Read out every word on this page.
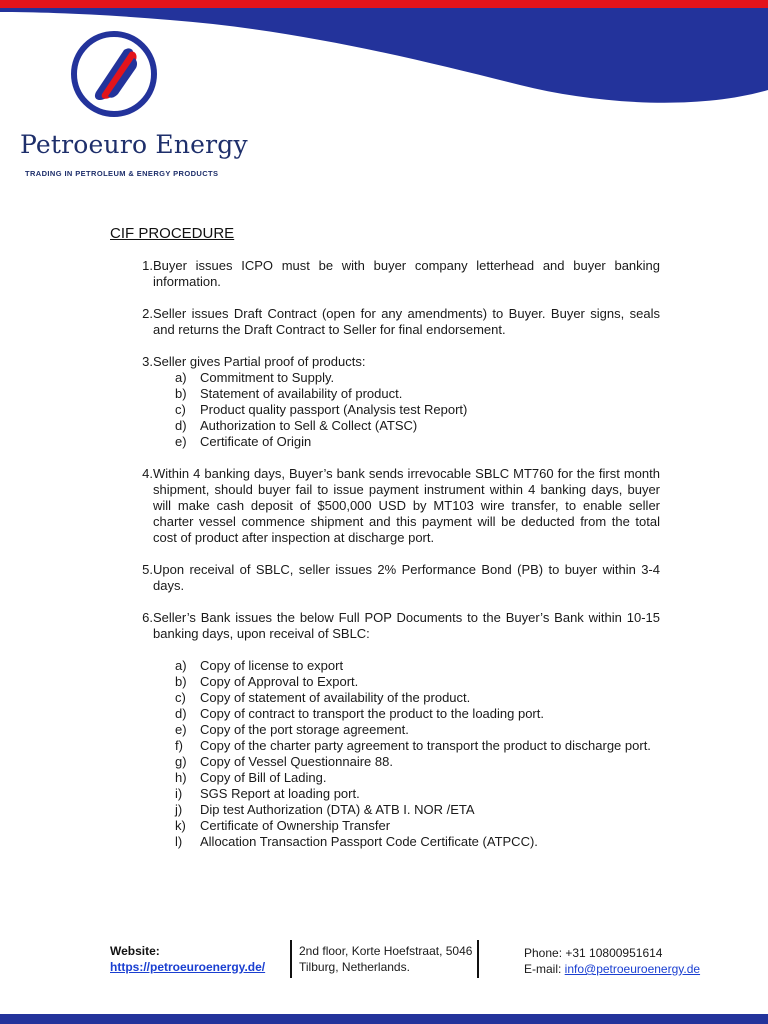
Petroeuro Energy
TRADING IN PETROLEUM & ENERGY PRODUCTS
CIF PROCEDURE
1. Buyer issues ICPO must be with buyer company letterhead and buyer banking information.
2. Seller issues Draft Contract (open for any amendments) to Buyer. Buyer signs, seals and returns the Draft Contract to Seller for final endorsement.
3. Seller gives Partial proof of products:
a)	Commitment to Supply.
b)	Statement of availability of product.
c)	Product quality passport (Analysis test Report)
d)	Authorization to Sell & Collect (ATSC)
e)	Certificate of Origin
4. Within 4 banking days, Buyer’s bank sends irrevocable SBLC MT760 for the first month shipment, should buyer fail to issue payment instrument within 4 banking days, buyer will make cash deposit of $500,000 USD by MT103 wire transfer, to enable seller charter vessel commence shipment and this payment will be deducted from the total cost of product after inspection at discharge port.
5. Upon receival of SBLC, seller issues 2% Performance Bond (PB) to buyer within 3-4 days.
6. Seller’s Bank issues the below Full POP Documents to the Buyer’s Bank within 10-15 banking days, upon receival of SBLC:
a)	Copy of license to export
b)	Copy of Approval to Export.
c)	Copy of statement of availability of the product.
d)	Copy of contract to transport the product to the loading port.
e)	Copy of the port storage agreement.
f)	Copy of the charter party agreement to transport the product to discharge port.
g)	Copy of Vessel Questionnaire 88.
h)	Copy of Bill of Lading.
i)	SGS Report at loading port.
j)	Dip test Authorization (DTA) & ATB I. NOR /ETA
k)	Certificate of Ownership Transfer
l)	Allocation Transaction Passport Code Certificate (ATPCC).
Website:
https://petroeuroenergy.de/
2nd floor, Korte Hoefstraat, 5046
Tilburg, Netherlands.
Phone: +31 10800951614
E-mail: info@petroeuroenergy.de
